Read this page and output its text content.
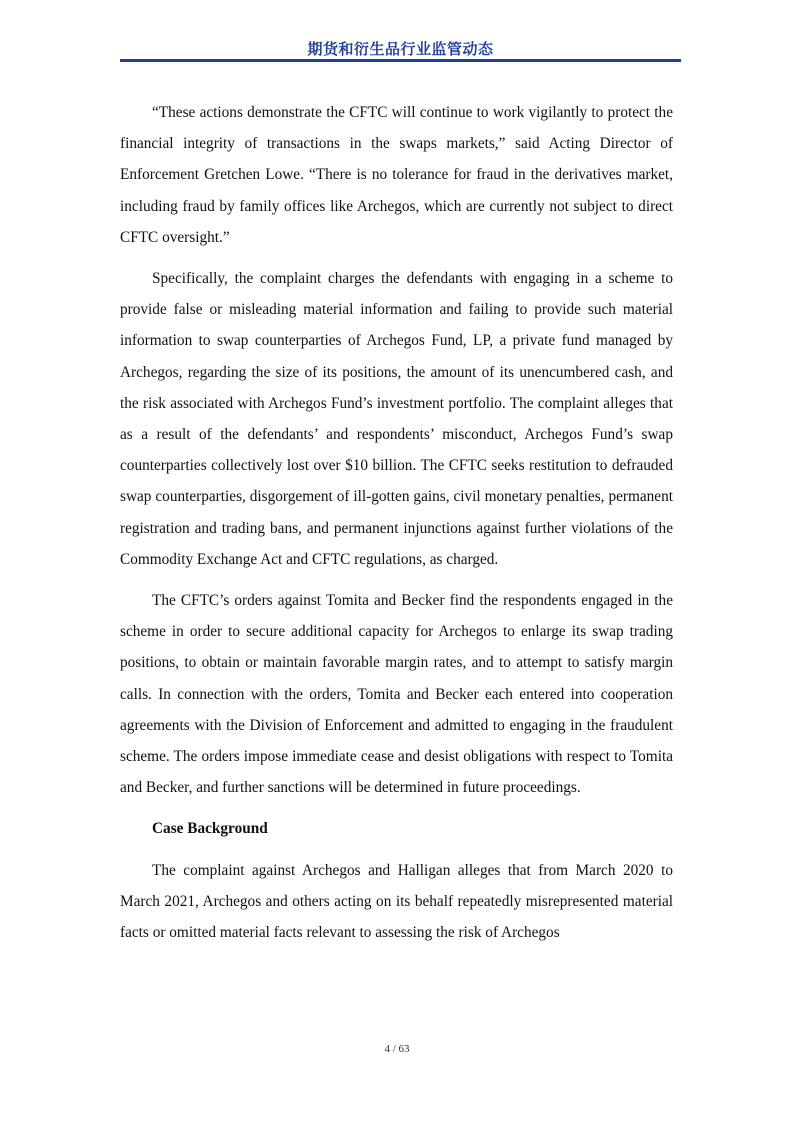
期货和衍生品行业监管动态

“These actions demonstrate the CFTC will continue to work vigilantly to protect the financial integrity of transactions in the swaps markets,” said Acting Director of Enforcement Gretchen Lowe. “There is no tolerance for fraud in the derivatives market, including fraud by family offices like Archegos, which are currently not subject to direct CFTC oversight.”

Specifically, the complaint charges the defendants with engaging in a scheme to provide false or misleading material information and failing to provide such material information to swap counterparties of Archegos Fund, LP, a private fund managed by Archegos, regarding the size of its positions, the amount of its unencumbered cash, and the risk associated with Archegos Fund’s investment portfolio. The complaint alleges that as a result of the defendants’ and respondents’ misconduct, Archegos Fund’s swap counterparties collectively lost over $10 billion. The CFTC seeks restitution to defrauded swap counterparties, disgorgement of ill-gotten gains, civil monetary penalties, permanent registration and trading bans, and permanent injunctions against further violations of the Commodity Exchange Act and CFTC regulations, as charged.

The CFTC’s orders against Tomita and Becker find the respondents engaged in the scheme in order to secure additional capacity for Archegos to enlarge its swap trading positions, to obtain or maintain favorable margin rates, and to attempt to satisfy margin calls. In connection with the orders, Tomita and Becker each entered into cooperation agreements with the Division of Enforcement and admitted to engaging in the fraudulent scheme. The orders impose immediate cease and desist obligations with respect to Tomita and Becker, and further sanctions will be determined in future proceedings.

Case Background

The complaint against Archegos and Halligan alleges that from March 2020 to March 2021, Archegos and others acting on its behalf repeatedly misrepresented material facts or omitted material facts relevant to assessing the risk of Archegos

4 / 63
